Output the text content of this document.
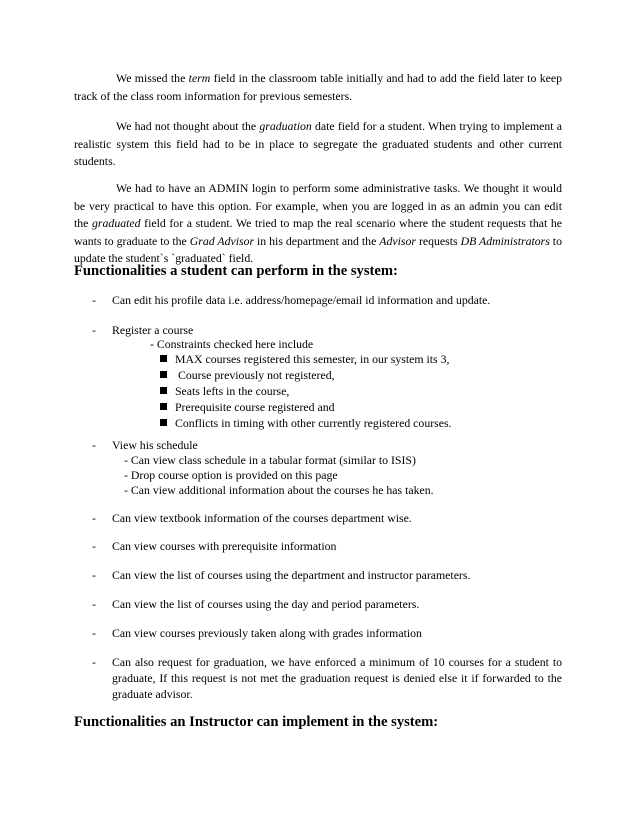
We missed the term field in the classroom table initially and had to add the field later to keep track of the class room information for previous semesters.
We had not thought about the graduation date field for a student. When trying to implement a realistic system this field had to be in place to segregate the graduated students and other current students.
We had to have an ADMIN login to perform some administrative tasks. We thought it would be very practical to have this option. For example, when you are logged in as an admin you can edit the graduated field for a student. We tried to map the real scenario where the student requests that he wants to graduate to the Grad Advisor in his department and the Advisor requests DB Administrators to update the student`s `graduated` field.
Functionalities a student can perform in the system:
- Can edit his profile data i.e. address/homepage/email id information and update.
- Register a course
- Constraints checked here include
MAX courses registered this semester, in our system its 3,
Course previously not registered,
Seats lefts in the course,
Prerequisite course registered and
Conflicts in timing with other currently registered courses.
- View his schedule
- Can view class schedule in a tabular format (similar to ISIS)
- Drop course option is provided on this page
- Can view additional information about the courses he has taken.
- Can view textbook information of the courses department wise.
- Can view courses with prerequisite information
- Can view the list of courses using the department and instructor parameters.
- Can view the list of courses using the day and period parameters.
- Can view courses previously taken along with grades information
- Can also request for graduation, we have enforced a minimum of 10 courses for a student to graduate, If this request is not met the graduation request is denied else it if forwarded to the graduate advisor.
Functionalities an Instructor can implement in the system:
